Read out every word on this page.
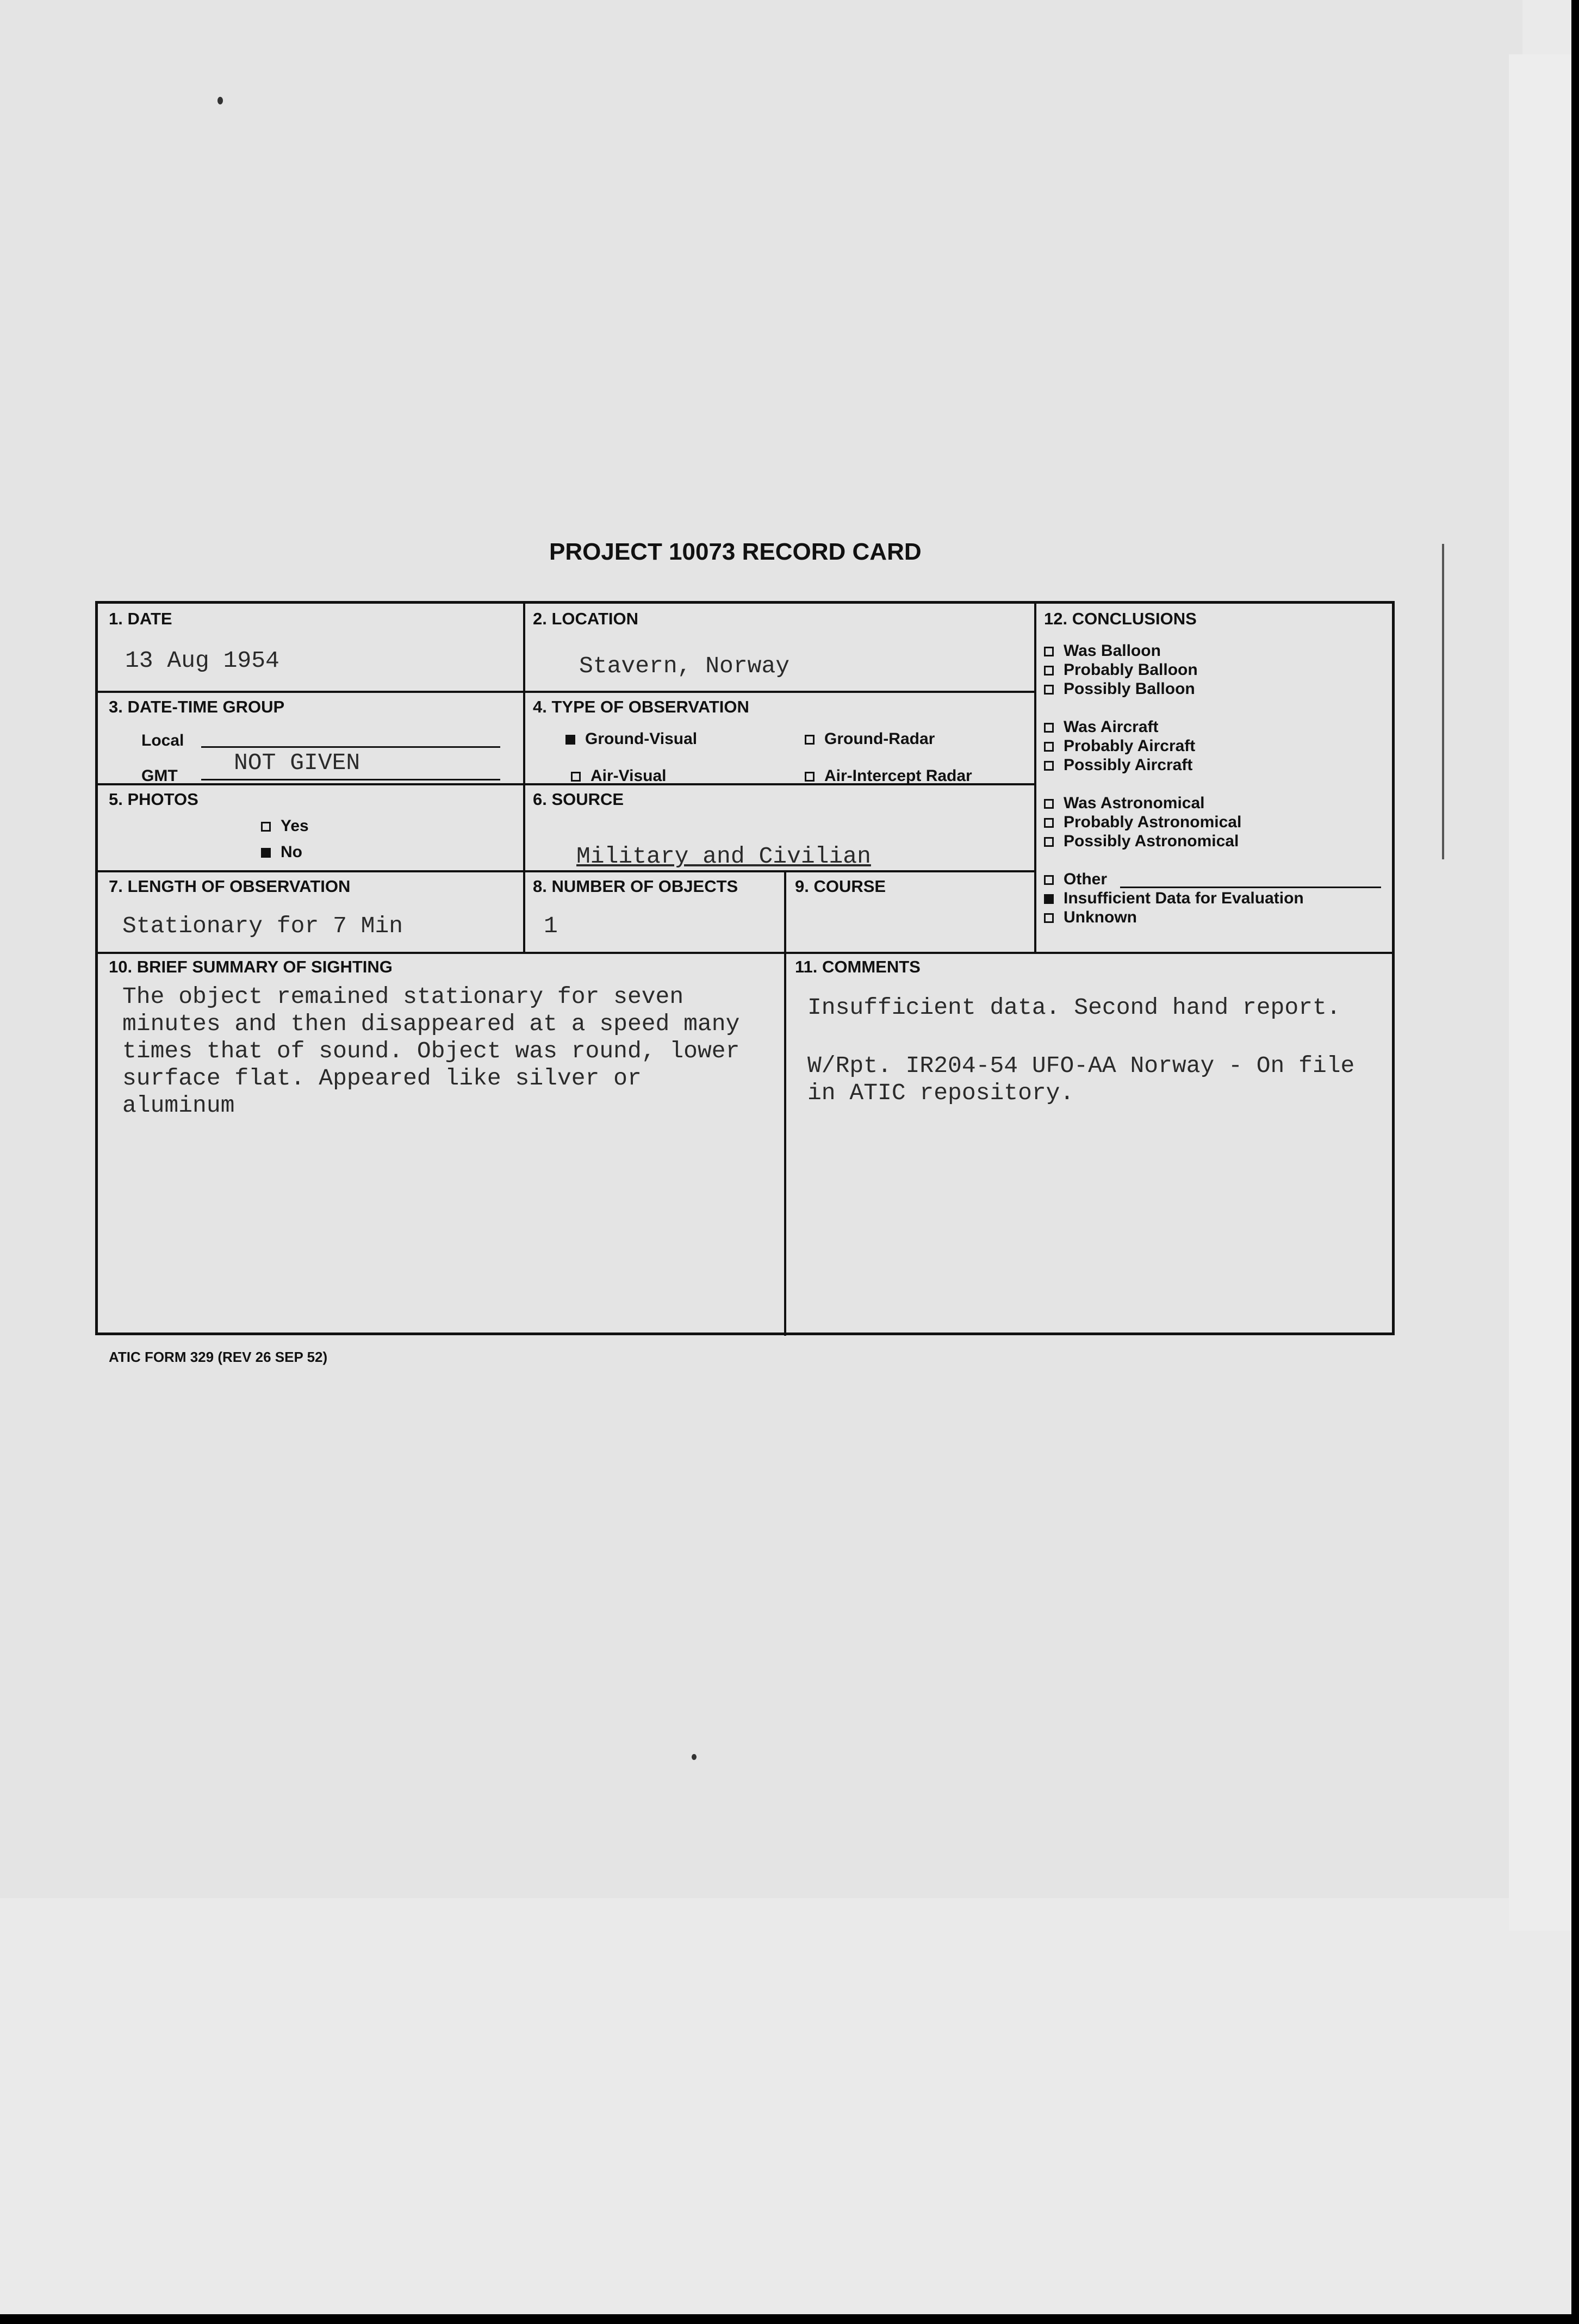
PROJECT 10073 RECORD CARD
1. DATE
13 Aug 1954
2. LOCATION
Stavern, Norway
3. DATE-TIME GROUP
Local
GMT NOT GIVEN
4. TYPE OF OBSERVATION
Ground-Visual	Ground-Radar
Air-Visual	Air-Intercept Radar
5. PHOTOS
Yes
No
6. SOURCE
Military and Civilian
7. LENGTH OF OBSERVATION
Stationary for 7 Min
8. NUMBER OF OBJECTS
1
9. COURSE
10. BRIEF SUMMARY OF SIGHTING
The object remained stationary for seven
minutes and then disappeared at a speed many
times that of sound. Object was round, lower
surface flat. Appeared like silver or
aluminum
11. COMMENTS
Insufficient data. Second hand report.
W/Rpt. IR204-54 UFO-AA Norway - On file
in ATIC repository.
12. CONCLUSIONS
Was Balloon
Probably Balloon
Possibly Balloon
Was Aircraft
Probably Aircraft
Possibly Aircraft
Was Astronomical
Probably Astronomical
Possibly Astronomical
Other
Insufficient Data for Evaluation
Unknown
ATIC FORM 329 (REV 26 SEP 52)
